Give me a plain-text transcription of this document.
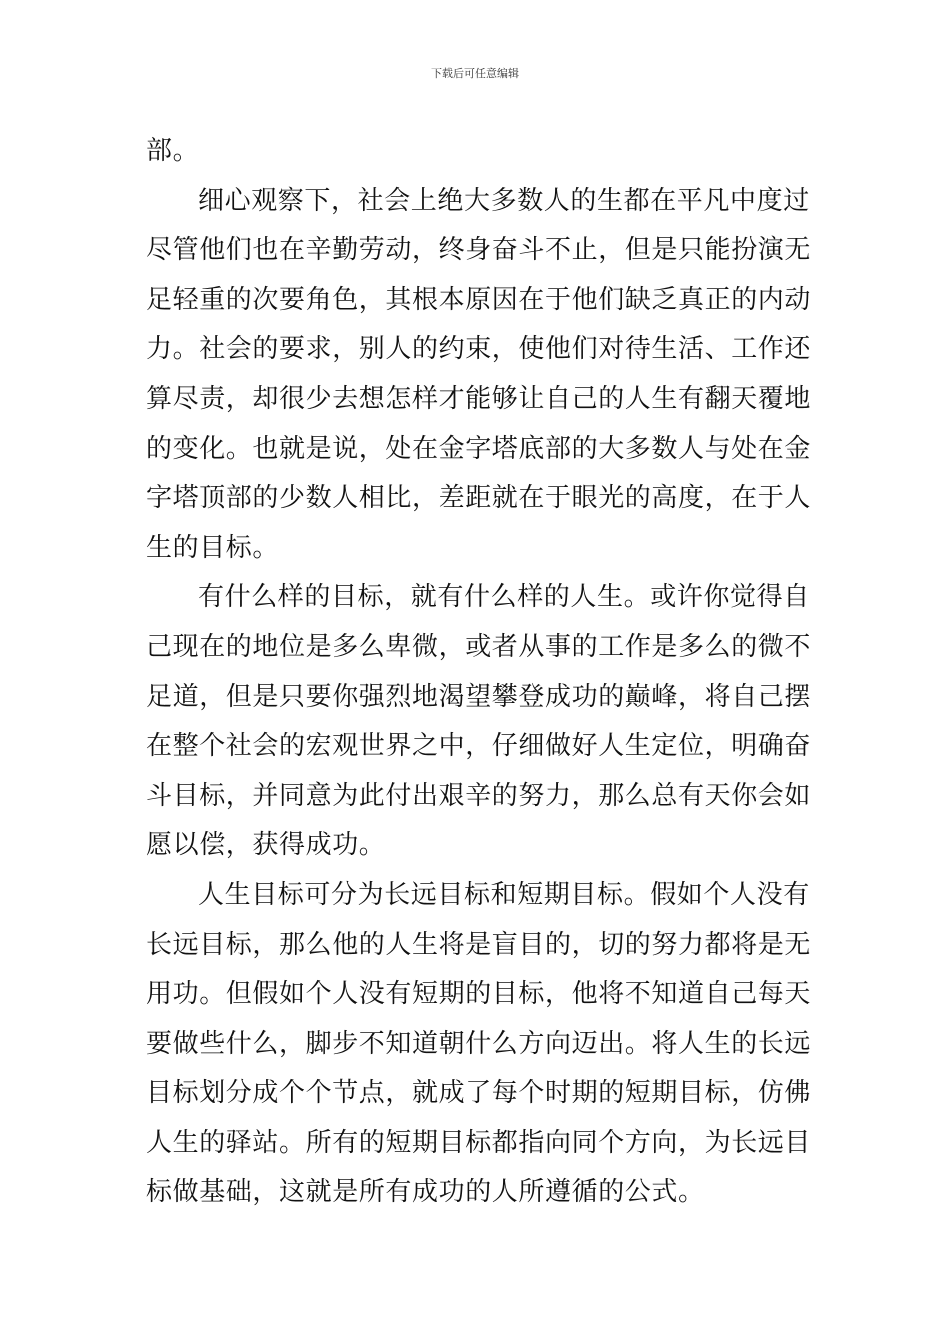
下载后可任意编辑
部。
细心观察下，社会上绝大多数人的生都在平凡中度过
尽管他们也在辛勤劳动，终身奋斗不止，但是只能扮演无
足轻重的次要角色，其根本原因在于他们缺乏真正的内动
力。社会的要求，别人的约束，使他们对待生活、工作还
算尽责，却很少去想怎样才能够让自己的人生有翻天覆地
的变化。也就是说，处在金字塔底部的大多数人与处在金
字塔顶部的少数人相比，差距就在于眼光的高度，在于人
生的目标。
有什么样的目标，就有什么样的人生。或许你觉得自
己现在的地位是多么卑微，或者从事的工作是多么的微不
足道，但是只要你强烈地渴望攀登成功的巅峰，将自己摆
在整个社会的宏观世界之中，仔细做好人生定位，明确奋
斗目标，并同意为此付出艰辛的努力，那么总有天你会如
愿以偿，获得成功。
人生目标可分为长远目标和短期目标。假如个人没有
长远目标，那么他的人生将是盲目的，切的努力都将是无
用功。但假如个人没有短期的目标，他将不知道自己每天
要做些什么，脚步不知道朝什么方向迈出。将人生的长远
目标划分成个个节点，就成了每个时期的短期目标，仿佛
人生的驿站。所有的短期目标都指向同个方向，为长远目
标做基础，这就是所有成功的人所遵循的公式。
